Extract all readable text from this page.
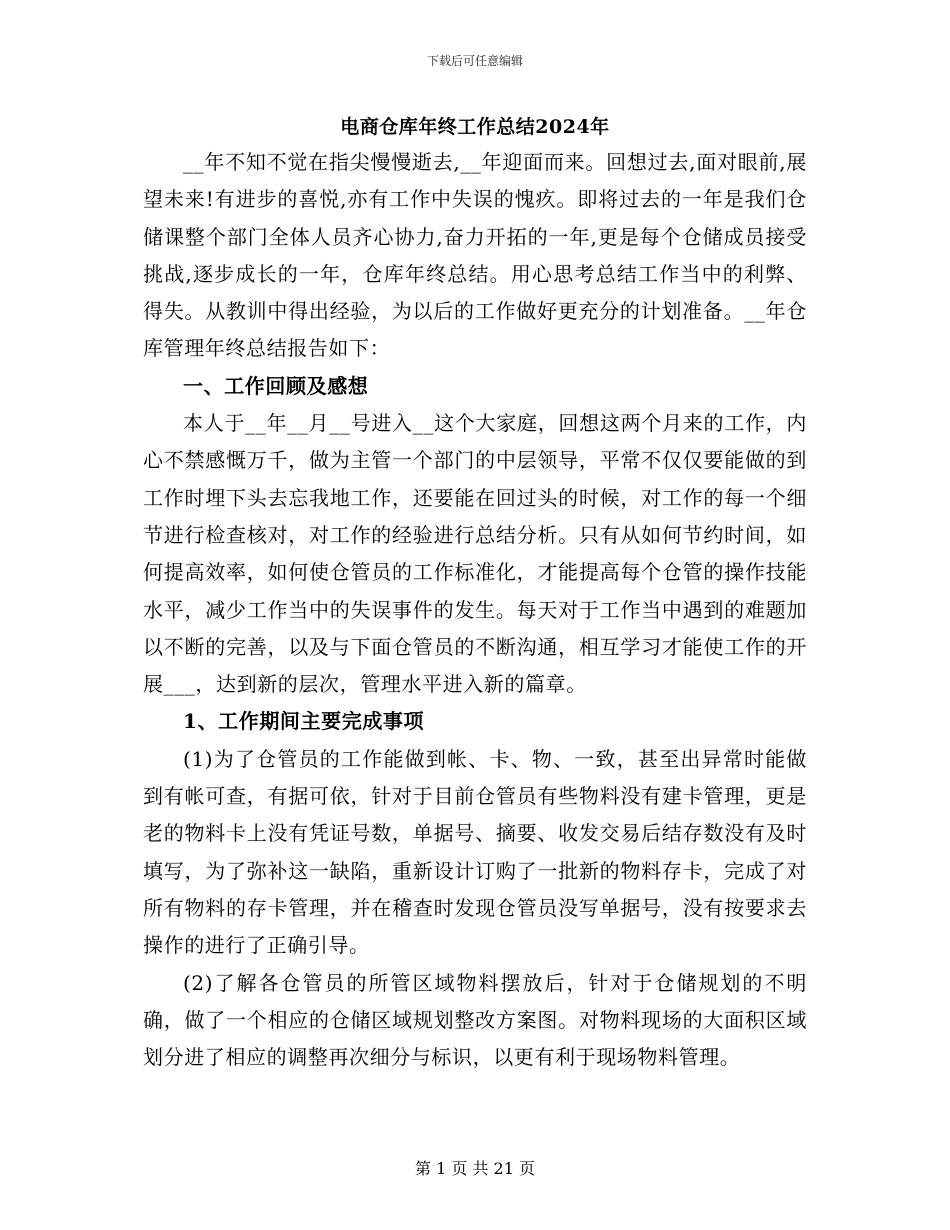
下载后可任意编辑
电商仓库年终工作总结2024年

__年不知不觉在指尖慢慢逝去,__年迎面而来。回想过去,面对眼前,展望未来!有进步的喜悦,亦有工作中失误的愧疚。即将过去的一年是我们仓储课整个部门全体人员齐心协力,奋力开拓的一年,更是每个仓储成员接受挑战,逐步成长的一年，仓库年终总结。用心思考总结工作当中的利弊、得失。从教训中得出经验，为以后的工作做好更充分的计划准备。__年仓库管理年终总结报告如下：

一、工作回顾及感想

本人于__年__月__号进入__这个大家庭，回想这两个月来的工作，内心不禁感慨万千，做为主管一个部门的中层领导，平常不仅仅要能做的到工作时埋下头去忘我地工作，还要能在回过头的时候，对工作的每一个细节进行检查核对，对工作的经验进行总结分析。只有从如何节约时间，如何提高效率，如何使仓管员的工作标准化，才能提高每个仓管的操作技能水平，减少工作当中的失误事件的发生。每天对于工作当中遇到的难题加以不断的完善，以及与下面仓管员的不断沟通，相互学习才能使工作的开展___，达到新的层次，管理水平进入新的篇章。

1、工作期间主要完成事项

(1)为了仓管员的工作能做到帐、卡、物、一致，甚至出异常时能做到有帐可查，有据可依，针对于目前仓管员有些物料没有建卡管理，更是老的物料卡上没有凭证号数，单据号、摘要、收发交易后结存数没有及时填写，为了弥补这一缺陷，重新设计订购了一批新的物料存卡，完成了对所有物料的存卡管理，并在稽查时发现仓管员没写单据号，没有按要求去操作的进行了正确引导。

(2)了解各仓管员的所管区域物料摆放后，针对于仓储规划的不明确，做了一个相应的仓储区域规划整改方案图。对物料现场的大面积区域划分进了相应的调整再次细分与标识，以更有利于现场物料管理。

第 1 页 共 21 页
